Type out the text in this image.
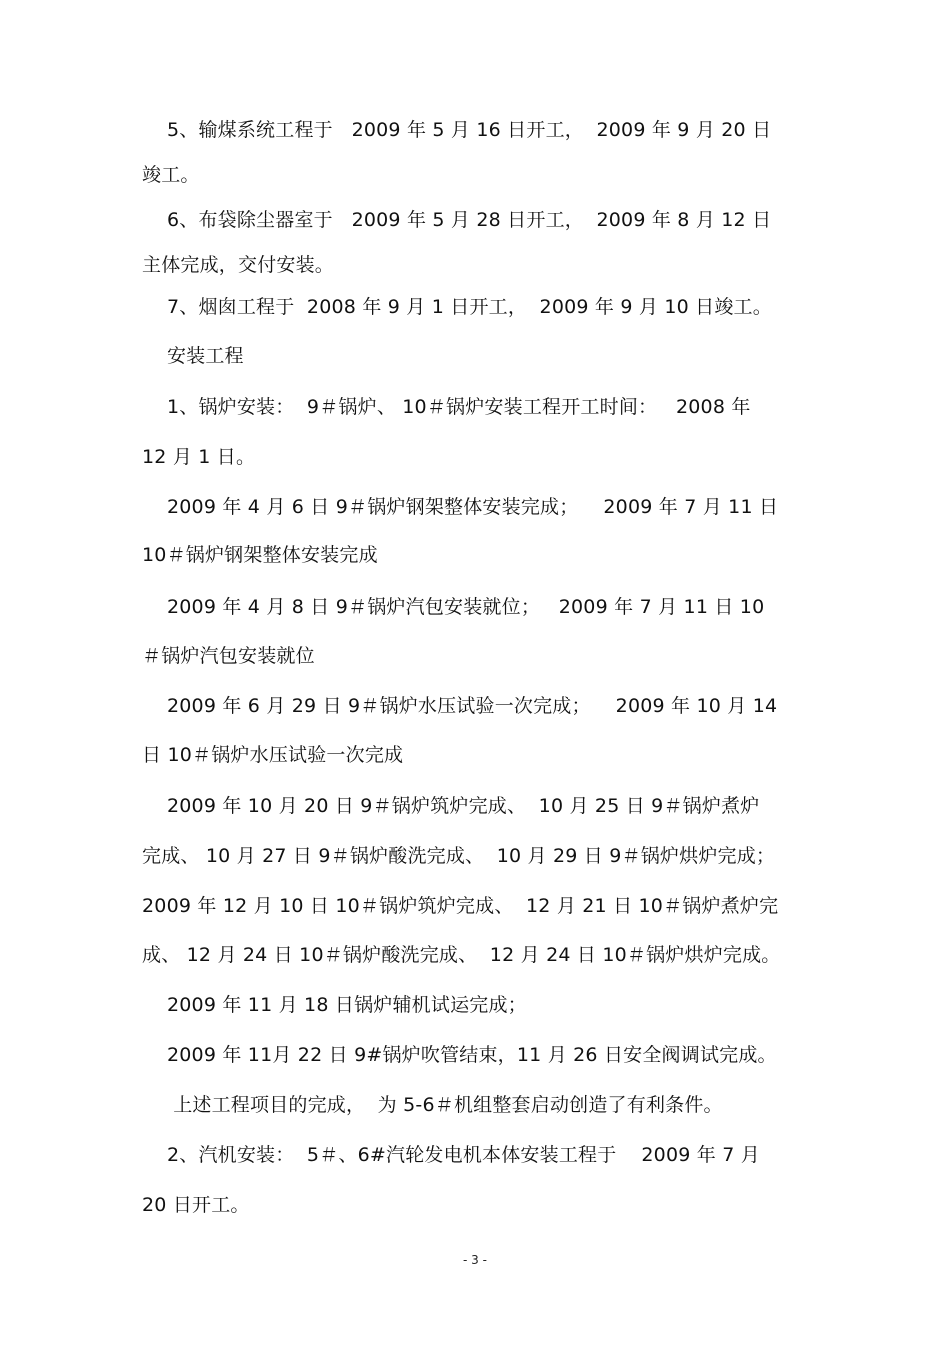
5、输煤系统工程于   2009 年 5 月 16 日开工，  2009 年 9 月 20 日
竣工。
6、布袋除尘器室于   2009 年 5 月 28 日开工，  2009 年 8 月 12 日
主体完成，交付安装。
7、烟囱工程于  2008 年 9 月 1 日开工，  2009 年 9 月 10 日竣工。
安装工程
1、锅炉安装：  9＃锅炉、 10＃锅炉安装工程开工时间：   2008 年
12 月 1 日。
2009 年 4 月 6 日 9＃锅炉钢架整体安装完成；    2009 年 7 月 11 日
10＃锅炉钢架整体安装完成
2009 年 4 月 8 日 9＃锅炉汽包安装就位；   2009 年 7 月 11 日 10
＃锅炉汽包安装就位
2009 年 6 月 29 日 9＃锅炉水压试验一次完成；    2009 年 10 月 14
日 10＃锅炉水压试验一次完成
2009 年 10 月 20 日 9＃锅炉筑炉完成、  10 月 25 日 9＃锅炉煮炉
完成、 10 月 27 日 9＃锅炉酸洗完成、  10 月 29 日 9＃锅炉烘炉完成；
2009 年 12 月 10 日 10＃锅炉筑炉完成、  12 月 21 日 10＃锅炉煮炉完
成、 12 月 24 日 10＃锅炉酸洗完成、  12 月 24 日 10＃锅炉烘炉完成。
2009 年 11 月 18 日锅炉辅机试运完成；
2009 年 11月 22 日 9#锅炉吹管结束，11 月 26 日安全阀调试完成。
上述工程项目的完成，  为 5-6＃机组整套启动创造了有利条件。
2、汽机安装：  5＃、6#汽轮发电机本体安装工程于    2009 年 7 月
20 日开工。
- 3 -
